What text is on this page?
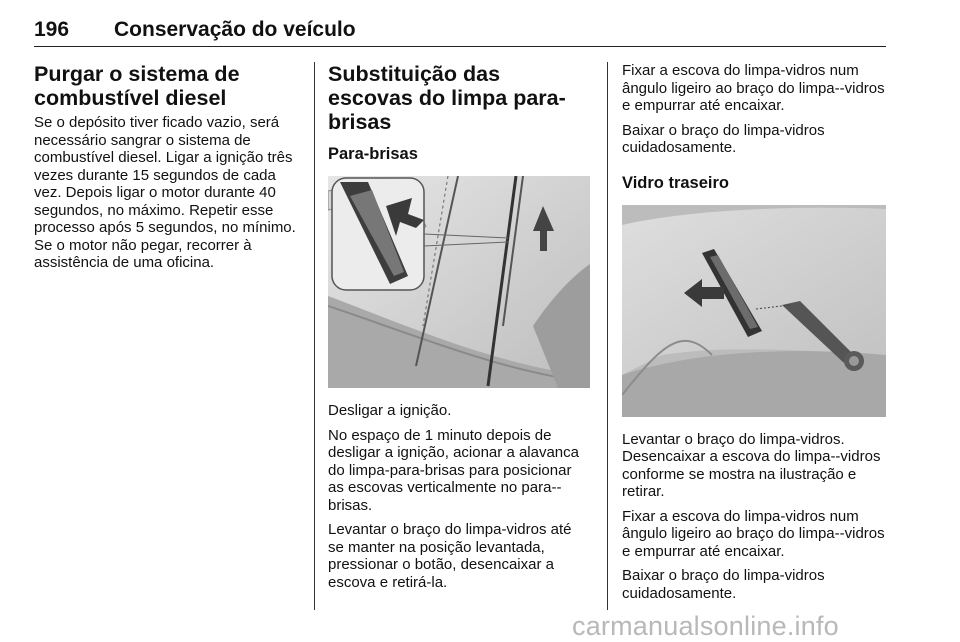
196 Conservação do veículo
Purgar o sistema de combustível diesel

Se o depósito tiver ficado vazio, será necessário sangrar o sistema de combustível diesel. Ligar a ignição três vezes durante 15 segundos de cada vez. Depois ligar o motor durante 40 segundos, no máximo. Repetir esse processo após 5 segundos, no mínimo. Se o motor não pegar, recorrer à assistência de uma oficina.

Substituição das escovas do limpa para-brisas
Para-brisas

Desligar a ignição.

No espaço de 1 minuto depois de desligar a ignição, acionar a alavanca do limpa-para-brisas para posicionar as escovas verticalmente no para--brisas.

Levantar o braço do limpa-vidros até se manter na posição levantada, pressionar o botão, desencaixar a escova e retirá-la.

Fixar a escova do limpa-vidros num ângulo ligeiro ao braço do limpa--vidros e empurrar até encaixar.

Baixar o braço do limpa-vidros cuidadosamente.

Vidro traseiro

Levantar o braço do limpa-vidros. Desencaixar a escova do limpa--vidros conforme se mostra na ilustração e retirar.

Fixar a escova do limpa-vidros num ângulo ligeiro ao braço do limpa--vidros e empurrar até encaixar.

Baixar o braço do limpa-vidros cuidadosamente.

carmanualsonline.info
